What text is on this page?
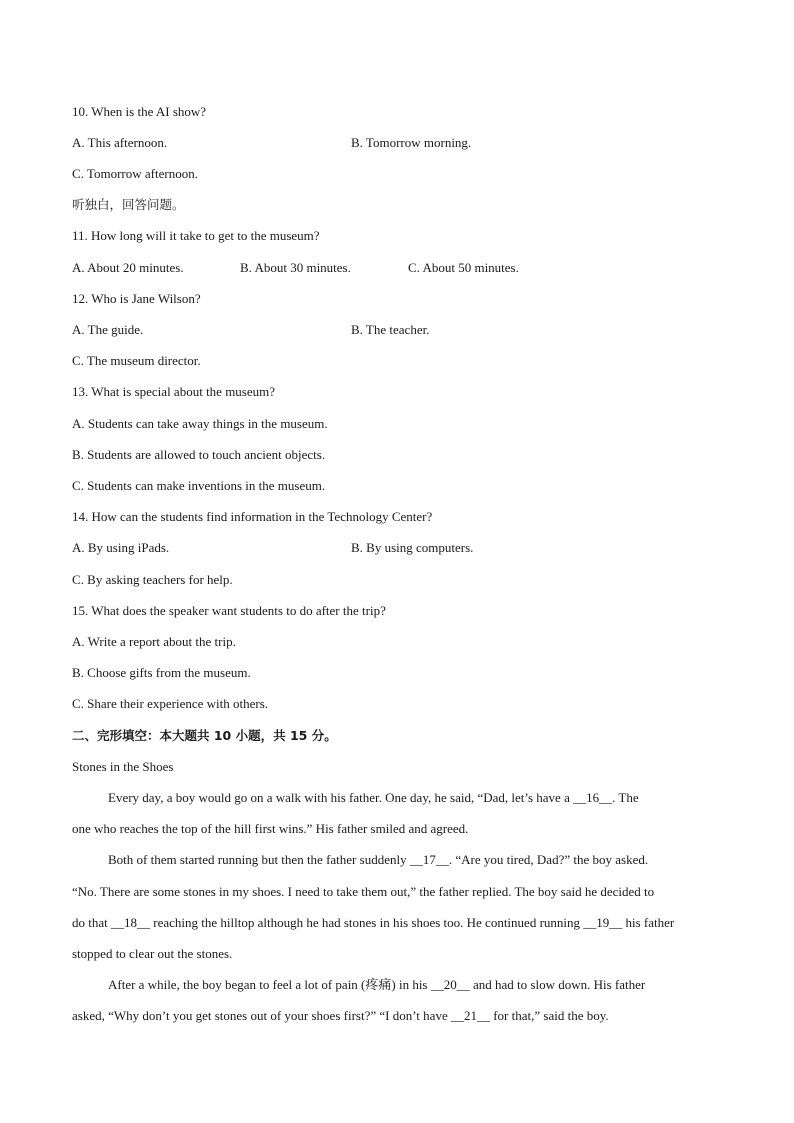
10. When is the AI show?
A. This afternoon.	B. Tomorrow morning.
C. Tomorrow afternoon.
听独白，回答问题。
11. How long will it take to get to the museum?
A. About 20 minutes.	B. About 30 minutes.	C. About 50 minutes.
12. Who is Jane Wilson?
A. The guide.	B. The teacher.
C. The museum director.
13. What is special about the museum?
A. Students can take away things in the museum.
B. Students are allowed to touch ancient objects.
C. Students can make inventions in the museum.
14. How can the students find information in the Technology Center?
A. By using iPads.	B. By using computers.
C. By asking teachers for help.
15. What does the speaker want students to do after the trip?
A. Write a report about the trip.
B. Choose gifts from the museum.
C. Share their experience with others.
二、完形填空：本大题共 10 小题，共 15 分。
Stones in the Shoes
Every day, a boy would go on a walk with his father. One day, he said, “Dad, let’s have a __16__. The
one who reaches the top of the hill first wins.” His father smiled and agreed.
Both of them started running but then the father suddenly __17__. “Are you tired, Dad?” the boy asked.
“No. There are some stones in my shoes. I need to take them out,” the father replied. The boy said he decided to
do that __18__ reaching the hilltop although he had stones in his shoes too. He continued running __19__ his father
stopped to clear out the stones.
After a while, the boy began to feel a lot of pain (疼痛) in his __20__ and had to slow down. His father
asked, “Why don’t you get stones out of your shoes first?” “I don’t have __21__ for that,” said the boy.
